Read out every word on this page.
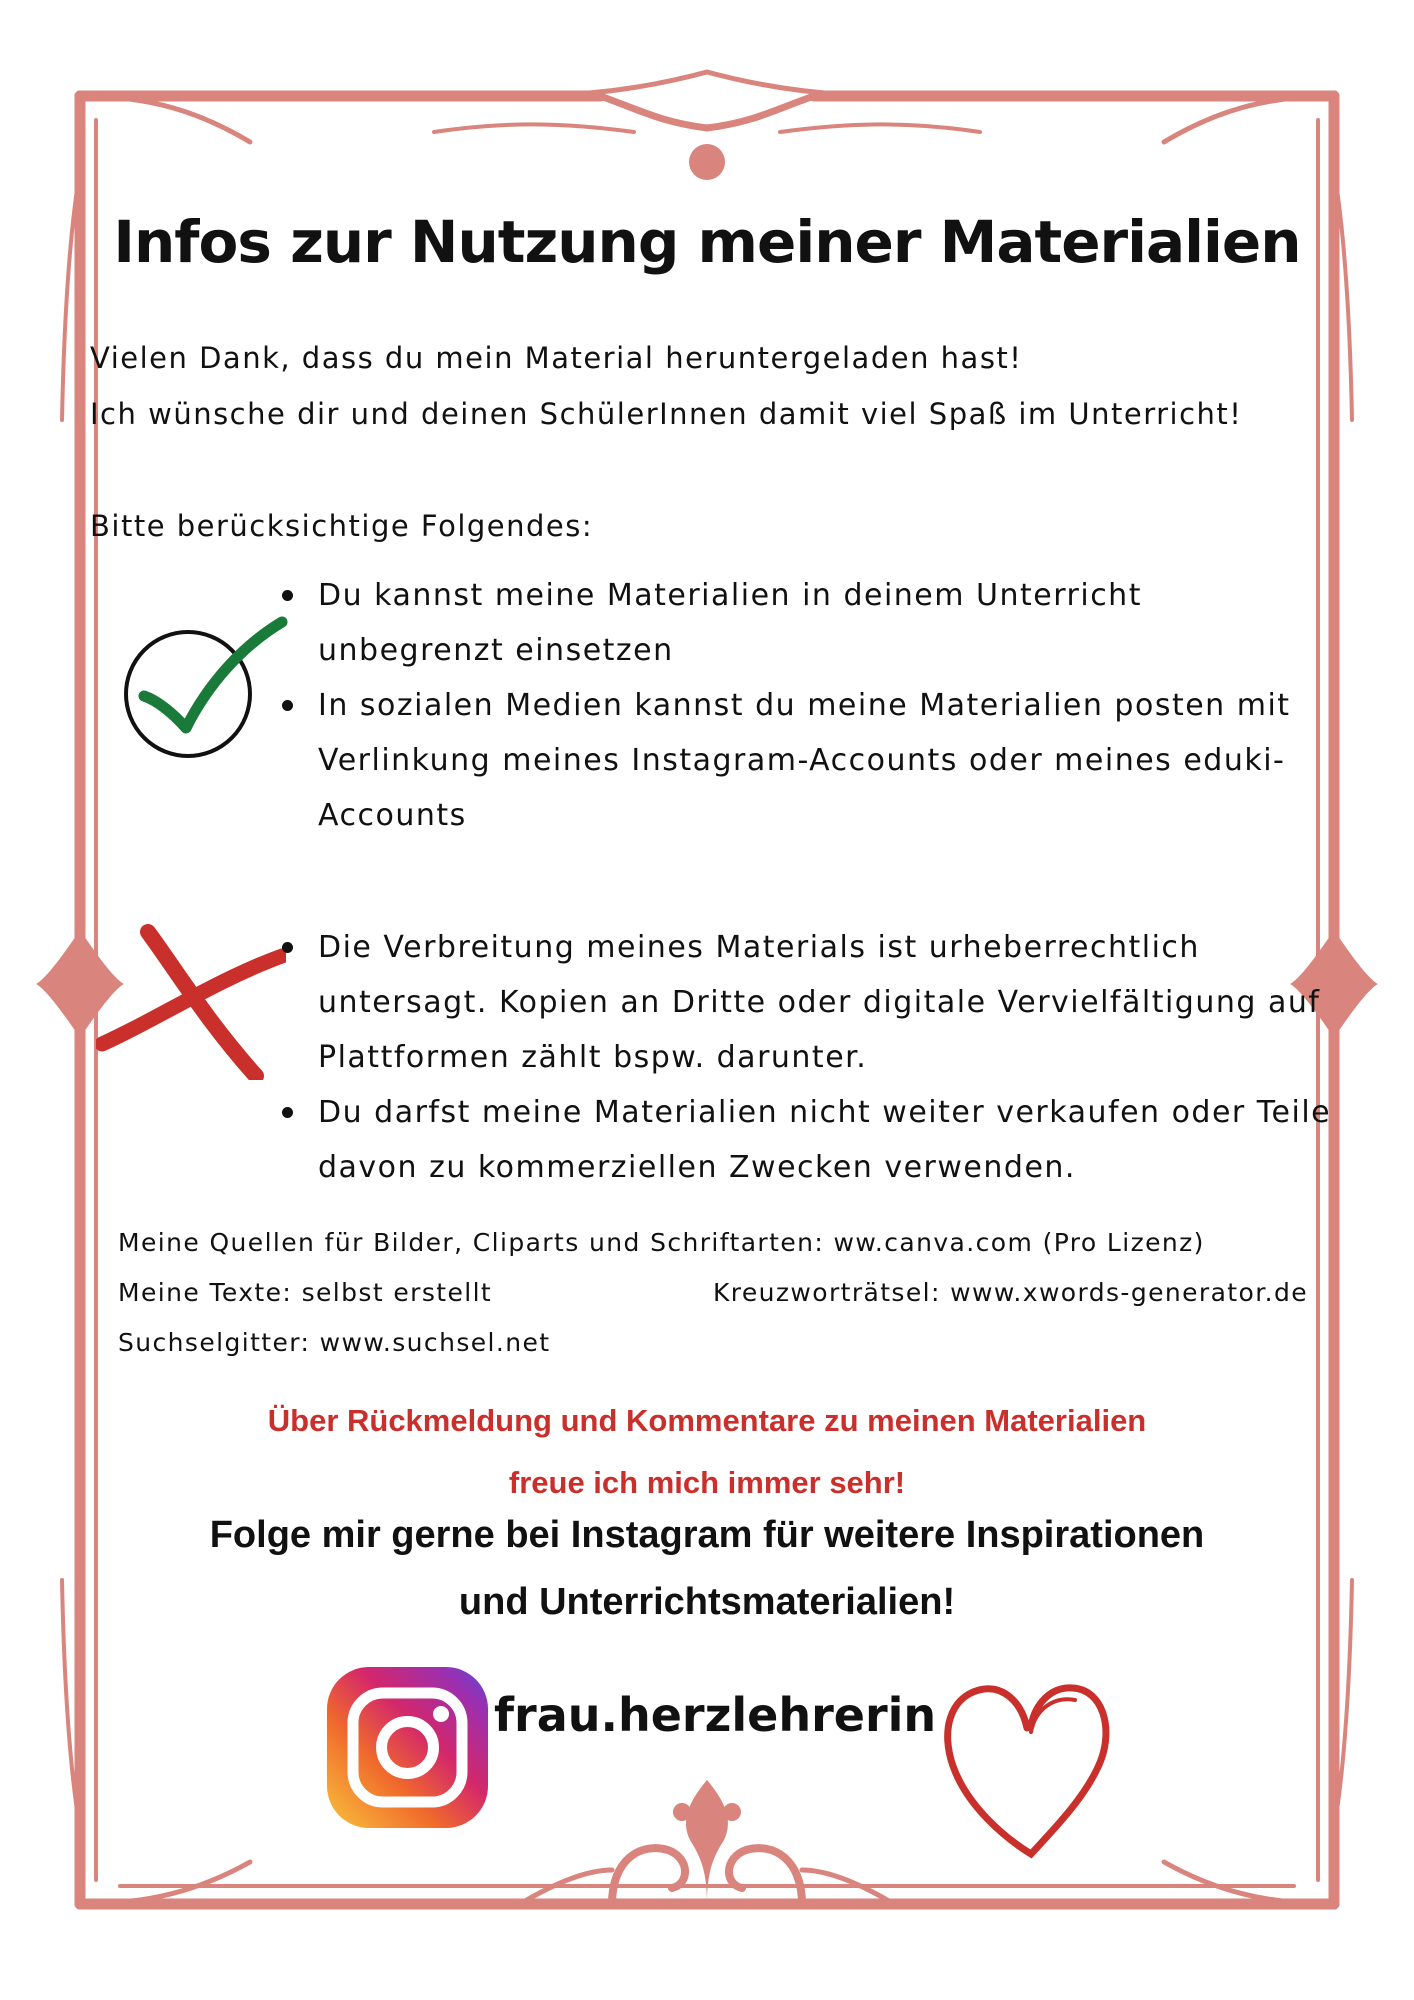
Infos zur Nutzung meiner Materialien

Vielen Dank, dass du mein Material heruntergeladen hast!

Ich wünsche dir und deinen SchülerInnen damit viel Spaß im Unterricht!

Bitte berücksichtige Folgendes:

Du kannst meine Materialien in deinem Unterricht unbegrenzt einsetzen
In sozialen Medien kannst du meine Materialien posten mit Verlinkung meines Instagram-Accounts oder meines eduki-Accounts
Die Verbreitung meines Materials ist urheberrechtlich untersagt. Kopien an Dritte oder digitale Vervielfältigung auf Plattformen zählt bspw. darunter.
Du darfst meine Materialien nicht weiter verkaufen oder Teile davon zu kommerziellen Zwecken verwenden.
Meine Quellen für Bilder, Cliparts und Schriftarten: ww.canva.com (Pro Lizenz)
Meine Texte: selbst erstellt	Kreuzworträtsel: www.xwords-generator.de
Suchselgitter: www.suchsel.net
Über Rückmeldung und Kommentare zu meinen Materialien
freue ich mich immer sehr!
Folge mir gerne bei Instagram für weitere Inspirationen
und Unterrichtsmaterialien!
frau.herzlehrerin
